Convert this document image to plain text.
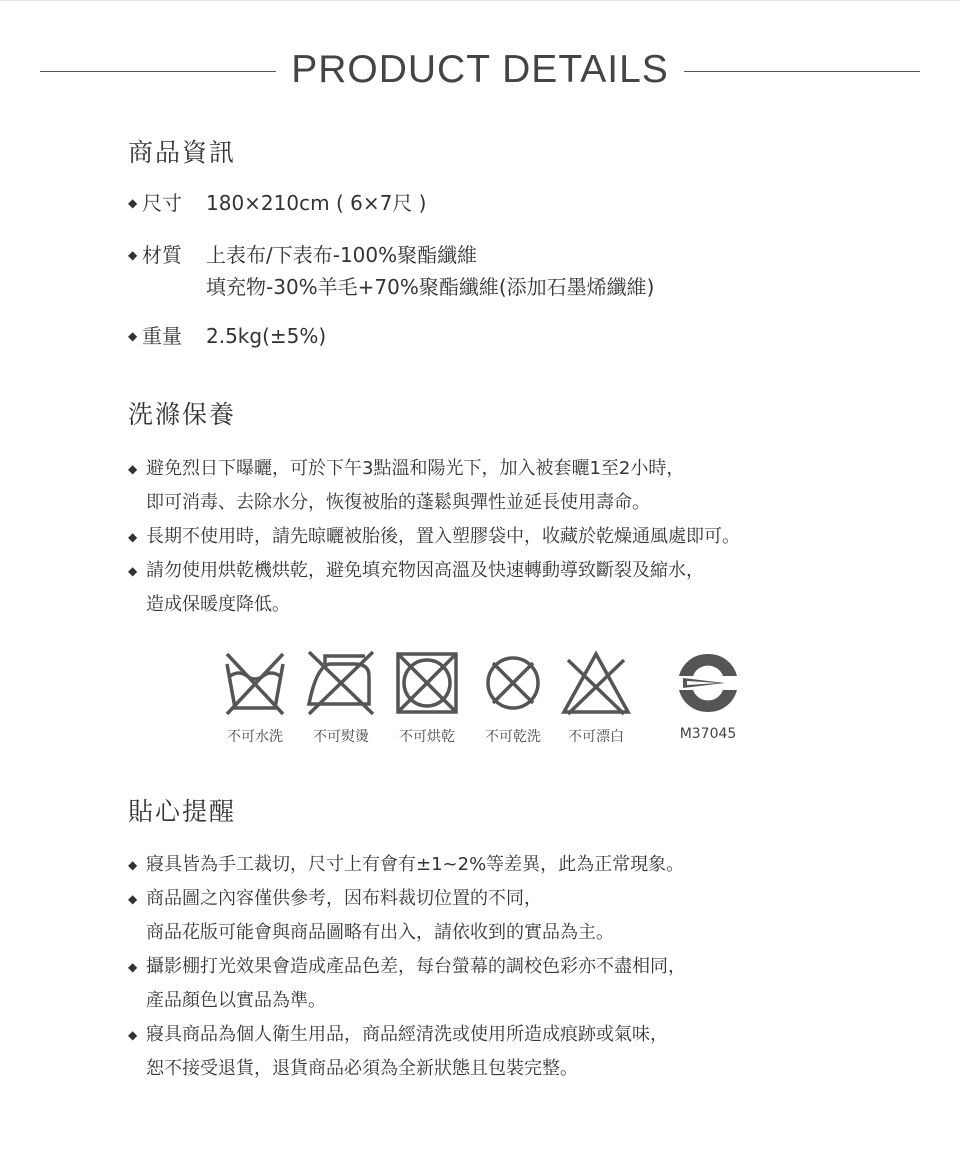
PRODUCT DETAILS
商品資訊
◆ 尺寸 180×210cm ( 6×7尺 )
◆ 材質 上表布/下表布-100%聚酯纖維
填充物-30%羊毛+70%聚酯纖維(添加石墨烯纖維)
◆ 重量 2.5kg(±5%)
洗滌保養
◆ 避免烈日下曝曬，可於下午3點溫和陽光下，加入被套曬1至2小時，
即可消毒、去除水分，恢復被胎的蓬鬆與彈性並延長使用壽命。
◆ 長期不使用時，請先晾曬被胎後，置入塑膠袋中，收藏於乾燥通風處即可。
◆ 請勿使用烘乾機烘乾，避免填充物因高溫及快速轉動導致斷裂及縮水，
造成保暖度降低。
不可水洗	不可熨燙	不可烘乾	不可乾洗	不可漂白	M37045
貼心提醒
◆ 寢具皆為手工裁切，尺寸上有會有±1~2%等差異，此為正常現象。
◆ 商品圖之內容僅供參考，因布料裁切位置的不同，
商品花版可能會與商品圖略有出入，請依收到的實品為主。
◆ 攝影棚打光效果會造成產品色差，每台螢幕的調校色彩亦不盡相同，
產品顏色以實品為準。
◆ 寢具商品為個人衛生用品，商品經清洗或使用所造成痕跡或氣味，
恕不接受退貨，退貨商品必須為全新狀態且包裝完整。
